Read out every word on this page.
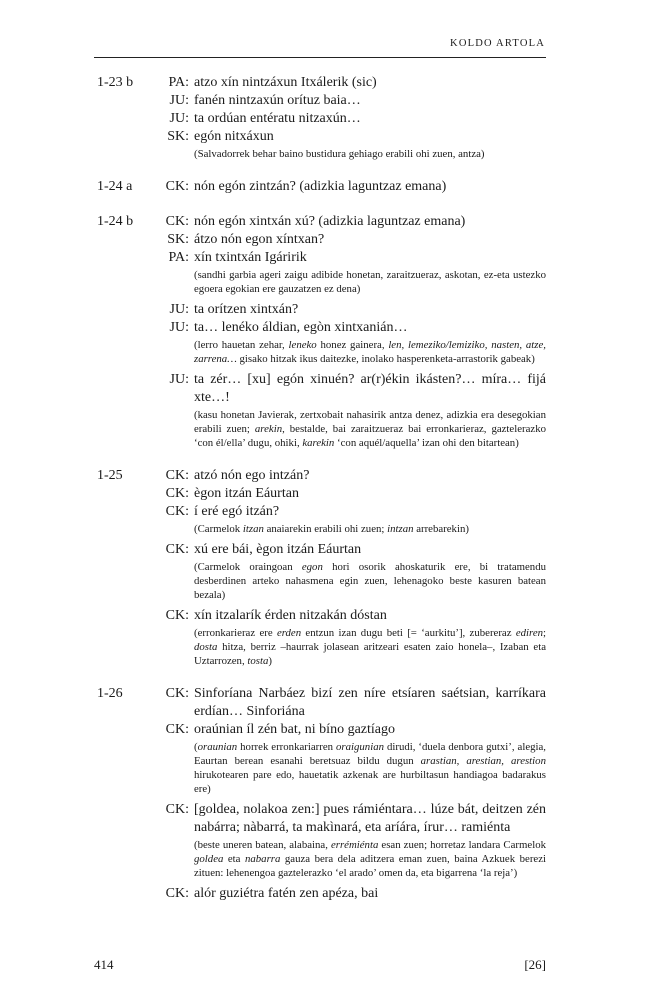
KOLDO ARTOLA
1-23 b	PA: atzo xín nintzáxun Itxálerik (sic)
JU: fanén nintzaxún orítuz baia…
JU: ta ordúan entératu nitzaxún…
SK: egón nitxáxun
(Salvadorrek behar baino bustidura gehiago erabili ohi zuen, antza)
1-24 a	CK: nón egón zintzán? (adizkia laguntzaz emana)
1-24 b	CK: nón egón xintxán xú? (adizkia laguntzaz emana)
SK: átzo nón egon xíntxan?
PA: xín txintxán Igáririk
(sandhi garbia ageri zaigu adibide honetan, zaraitzueraz, askotan, ez-eta ustezko egoera egokian ere gauzatzen ez dena)
JU: ta orítzen xintxán?
JU: ta… lenéko áldian, egòn xintxanián…
(lerro hauetan zehar, leneko honez gainera, len, lemeziko/lemiziko, nasten, atze, zarrena… gisako hitzak ikus daitezke, inolako hasperenketa-arrastorik gabeak)
JU: ta zér… [xu] egón xinuén? ar(r)ékin ikásten?… míra… fijá xte…!
(kasu honetan Javierak, zertxobait nahasirik antza denez, adizkia era desegokian erabili zuen; arekin, bestalde, bai zaraitzueraz bai erronkarieraz, gaztelerazko ‘con él/ella’ dugu, ohiki, karekin ‘con aquél/aquella’ izan ohi den bitartean)
1-25	CK: atzó nón ego intzán?
CK: ègon itzán Eáurtan
CK: í eré egó itzán?
(Carmelok itzan anaiarekin erabili ohi zuen; intzan arrebarekin)
CK: xú ere bái, ègon itzán Eáurtan
(Carmelok oraingoan egon hori osorik ahoskaturik ere, bi tratamendu desberdinen arteko nahasmena egin zuen, lehenagoko beste kasuren batean bezala)
CK: xín itzalarík érden nitzakán dóstan
(erronkarieraz ere erden entzun izan dugu beti [= ‘aurkitu’], zubereraz ediren; dosta hitza, berriz –haurrak jolasean aritzeari esaten zaio honela–, Izaban eta Uztarrozen, tosta)
1-26	CK: Sinforíana Narbáez bizí zen níre etsíaren saétsian, karríkara erdían… Sinforiána
CK: oraúnian íl zén bat, ni bíno gaztíago
(oraunian horrek erronkariarren oraigunian dirudi, ‘duela denbora gutxi’, alegia, Eaurtan berean esanahi beretsuaz bildu dugun arastian, arestian, arestion hirukotearen pare edo, hauetatik azkenak are hurbiltasun handiagoa badarakus ere)
CK: [goldea, nolakoa zen:] pues rámiéntara… lúze bát, deitzen zén nabárra; nàbarrá, ta makìnará, eta aríára, írur… ramiénta
(beste uneren batean, alabaina, errémiénta esan zuen; horretaz landara Carmelok goldea eta nabarra gauza bera dela aditzera eman zuen, baina Azkuek berezi zituen: lehenengoa gaztelerazko ‘el arado’ omen da, eta bigarrena ‘la reja’)
CK: alór guziétra fatén zen apéza, bai
414	[26]
